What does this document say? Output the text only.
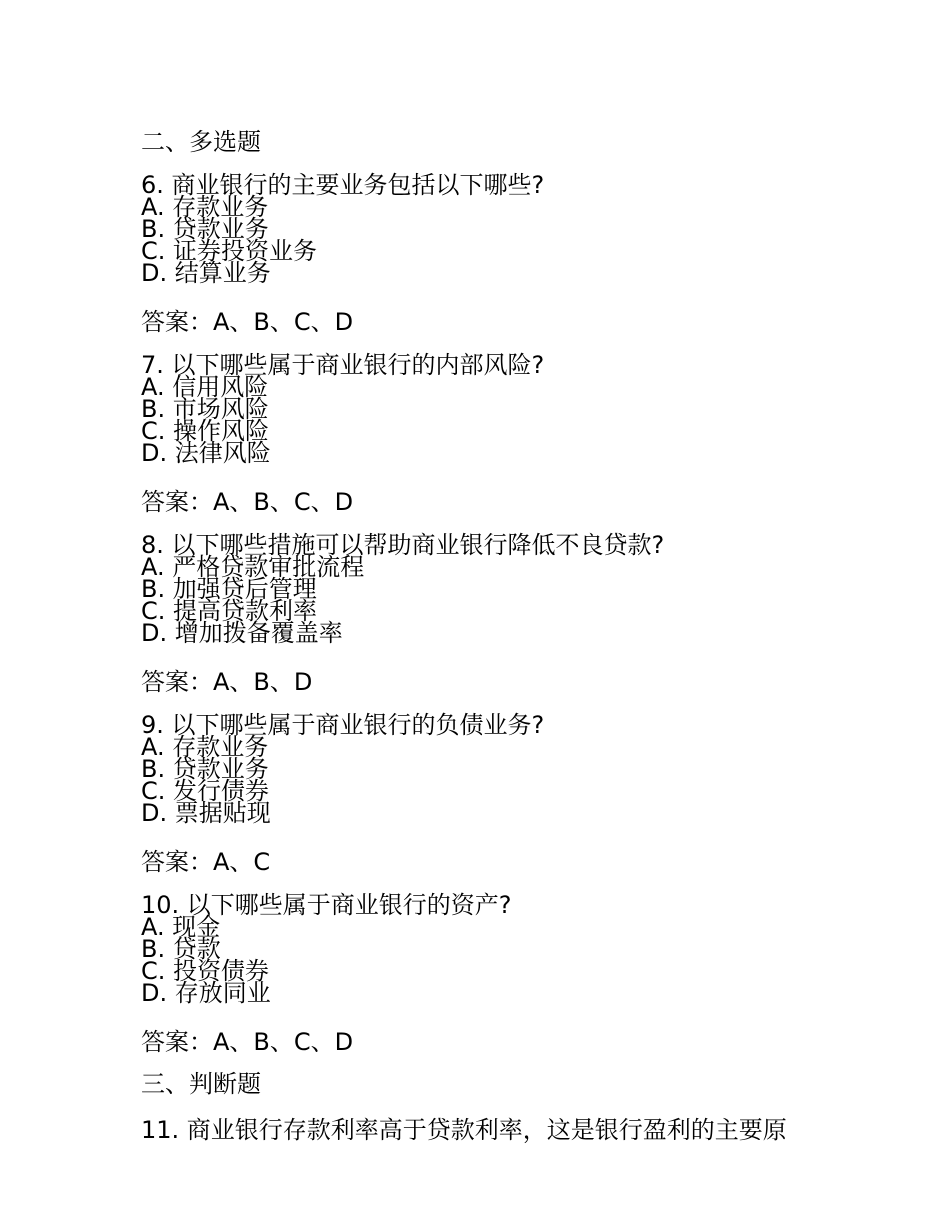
二、多选题
6. 商业银行的主要业务包括以下哪些?
A. 存款业务
B. 贷款业务
C. 证券投资业务
D. 结算业务
答案：A、B、C、D
7. 以下哪些属于商业银行的内部风险?
A. 信用风险
B. 市场风险
C. 操作风险
D. 法律风险
答案：A、B、C、D
8. 以下哪些措施可以帮助商业银行降低不良贷款?
A. 严格贷款审批流程
B. 加强贷后管理
C. 提高贷款利率
D. 增加拨备覆盖率
答案：A、B、D
9. 以下哪些属于商业银行的负债业务?
A. 存款业务
B. 贷款业务
C. 发行债券
D. 票据贴现
答案：A、C
10. 以下哪些属于商业银行的资产?
A. 现金
B. 贷款
C. 投资债券
D. 存放同业
答案：A、B、C、D
三、判断题
11. 商业银行存款利率高于贷款利率，这是银行盈利的主要原
